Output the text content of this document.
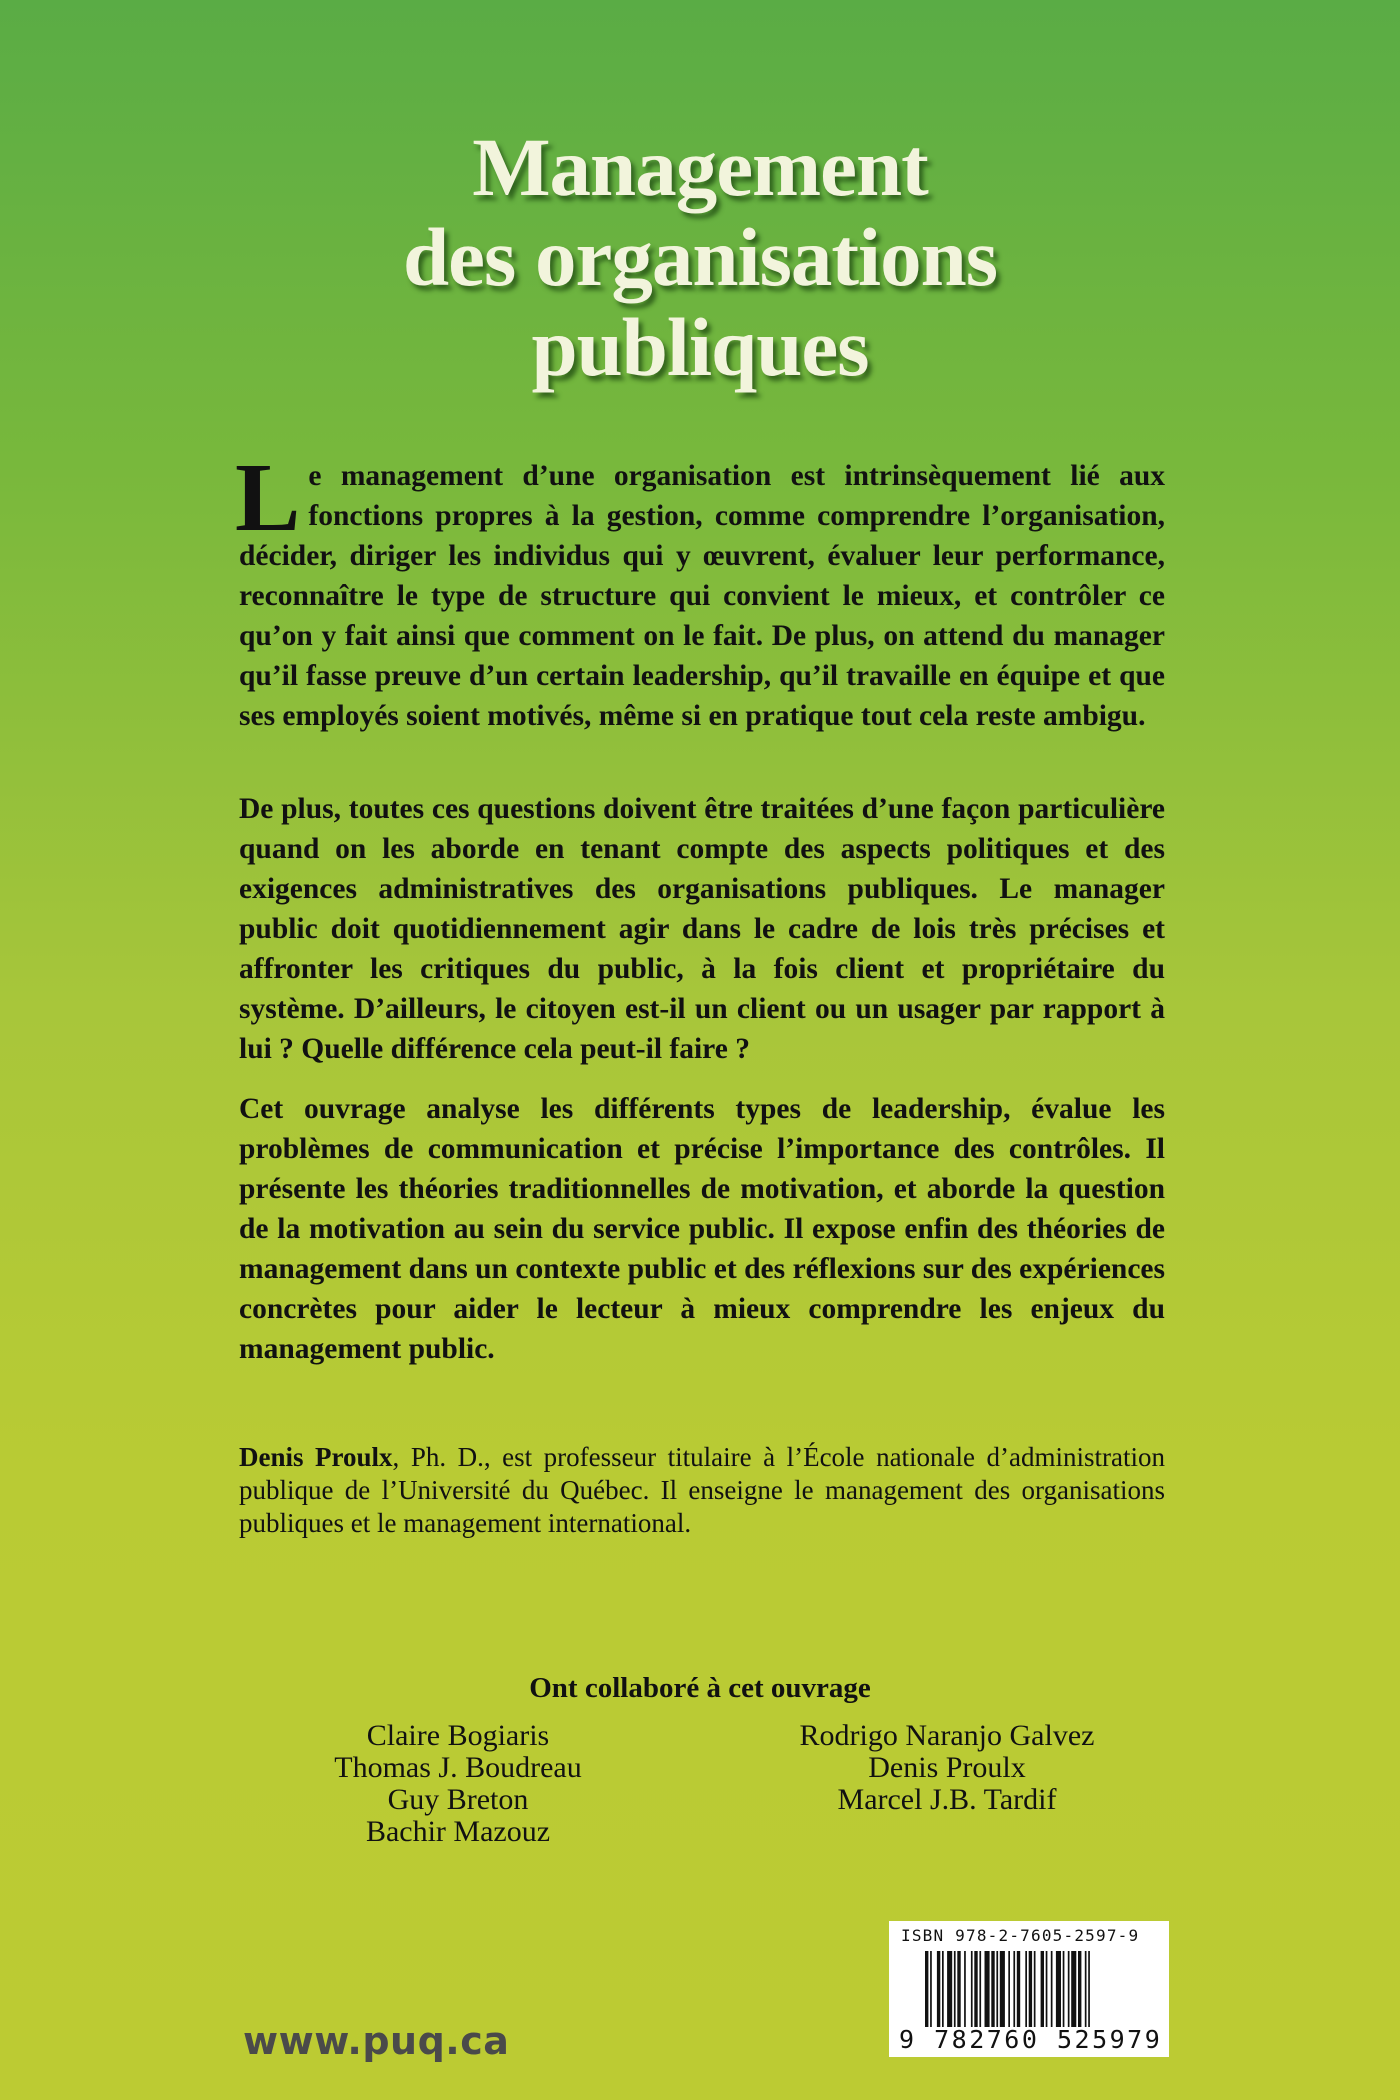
Management
des organisations
publiques

Le management d’une organisation est intrinsèquement lié aux fonctions propres à la gestion, comme comprendre l’organisation, décider, diriger les individus qui y œuvrent, évaluer leur performance, reconnaître le type de structure qui convient le mieux, et contrôler ce qu’on y fait ainsi que comment on le fait. De plus, on attend du manager qu’il fasse preuve d’un certain leadership, qu’il travaille en équipe et que ses employés soient motivés, même si en pratique tout cela reste ambigu.

De plus, toutes ces questions doivent être traitées d’une façon particulière quand on les aborde en tenant compte des aspects politiques et des exigences administratives des organisations publiques. Le manager public doit quotidiennement agir dans le cadre de lois très précises et affronter les critiques du public, à la fois client et propriétaire du système. D’ailleurs, le citoyen est-il un client ou un usager par rapport à lui ? Quelle différence cela peut-il faire ?

Cet ouvrage analyse les différents types de leadership, évalue les problèmes de communication et précise l’importance des contrôles. Il présente les théories traditionnelles de motivation, et aborde la question de la motivation au sein du service public. Il expose enfin des théories de management dans un contexte public et des réflexions sur des expériences concrètes pour aider le lecteur à mieux comprendre les enjeux du management public.

Denis Proulx, Ph. D., est professeur titulaire à l’École nationale d’administration publique de l’Université du Québec. Il enseigne le management des organisations publiques et le management international.

Ont collaboré à cet ouvrage
Claire Bogiaris
Thomas J. Boudreau
Guy Breton
Bachir Mazouz
Rodrigo Naranjo Galvez
Denis Proulx
Marcel J.B. Tardif
www.puq.ca
ISBN 978-2-7605-2597-9
9 782760 525979
